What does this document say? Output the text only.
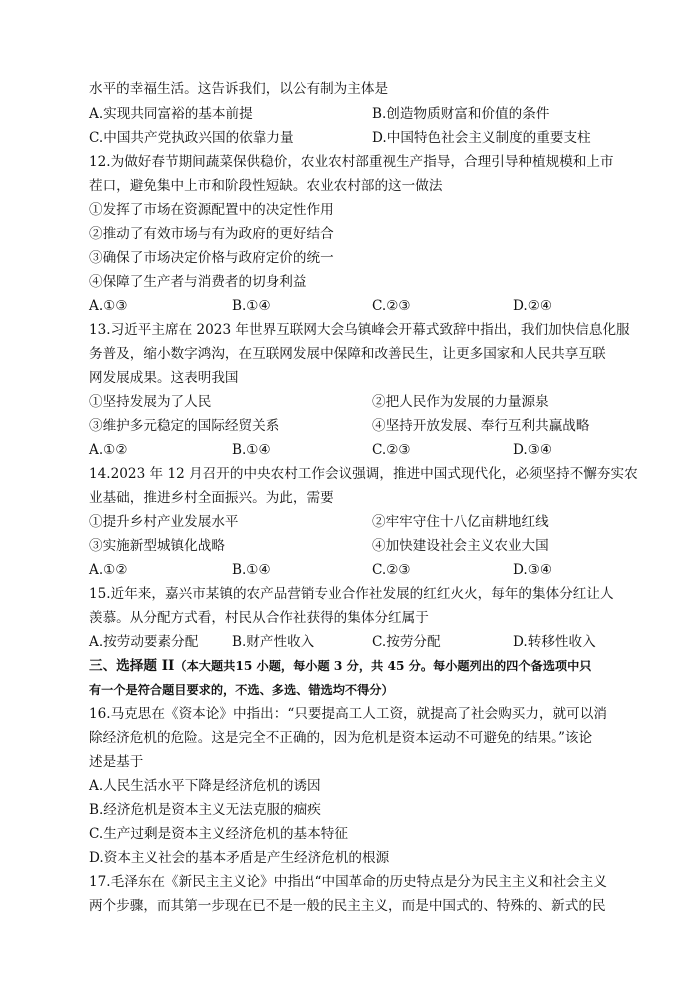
水平的幸福生活。这告诉我们，以公有制为主体是
A.实现共同富裕的基本前提	B.创造物质财富和价值的条件
C.中国共产党执政兴国的依靠力量	D.中国特色社会主义制度的重要支柱
12.为做好春节期间蔬菜保供稳价，农业农村部重视生产指导，合理引导种植规模和上市
茬口，避免集中上市和阶段性短缺。农业农村部的这一做法
①发挥了市场在资源配置中的决定性作用
②推动了有效市场与有为政府的更好结合
③确保了市场决定价格与政府定价的统一
④保障了生产者与消费者的切身利益
A.①③	B.①④	C.②③	D.②④
13.习近平主席在 2023 年世界互联网大会乌镇峰会开幕式致辞中指出，我们加快信息化服
务普及，缩小数字鸿沟，在互联网发展中保障和改善民生，让更多国家和人民共享互联
网发展成果。这表明我国
①坚持发展为了人民	②把人民作为发展的力量源泉
③维护多元稳定的国际经贸关系	④坚持开放发展、奉行互利共赢战略
A.①②	B.①④	C.②③	D.③④
14.2023 年 12 月召开的中央农村工作会议强调，推进中国式现代化，必须坚持不懈夯实农
业基础，推进乡村全面振兴。为此，需要
①提升乡村产业发展水平	②牢牢守住十八亿亩耕地红线
③实施新型城镇化战略	④加快建设社会主义农业大国
A.①②	B.①④	C.②③	D.③④
15.近年来，嘉兴市某镇的农产品营销专业合作社发展的红红火火，每年的集体分红让人
羡慕。从分配方式看，村民从合作社获得的集体分红属于
A.按劳动要素分配 B.财产性收入	C.按劳分配	D.转移性收入
三、选择题 II（本大题共15 小题，每小题 3 分，共 45 分。每小题列出的四个备选项中只
有一个是符合题目要求的，不选、多选、错选均不得分）
16.马克思在《资本论》中指出：“只要提高工人工资，就提高了社会购买力，就可以消
除经济危机的危险。这是完全不正确的，因为危机是资本运动不可避免的结果。”该论
述是基于
A.人民生活水平下降是经济危机的诱因
B.经济危机是资本主义无法克服的痼疾
C.生产过剩是资本主义经济危机的基本特征
D.资本主义社会的基本矛盾是产生经济危机的根源
17.毛泽东在《新民主主义论》中指出“中国革命的历史特点是分为民主主义和社会主义
两个步骤，而其第一步现在已不是一般的民主主义，而是中国式的、特殊的、新式的民
